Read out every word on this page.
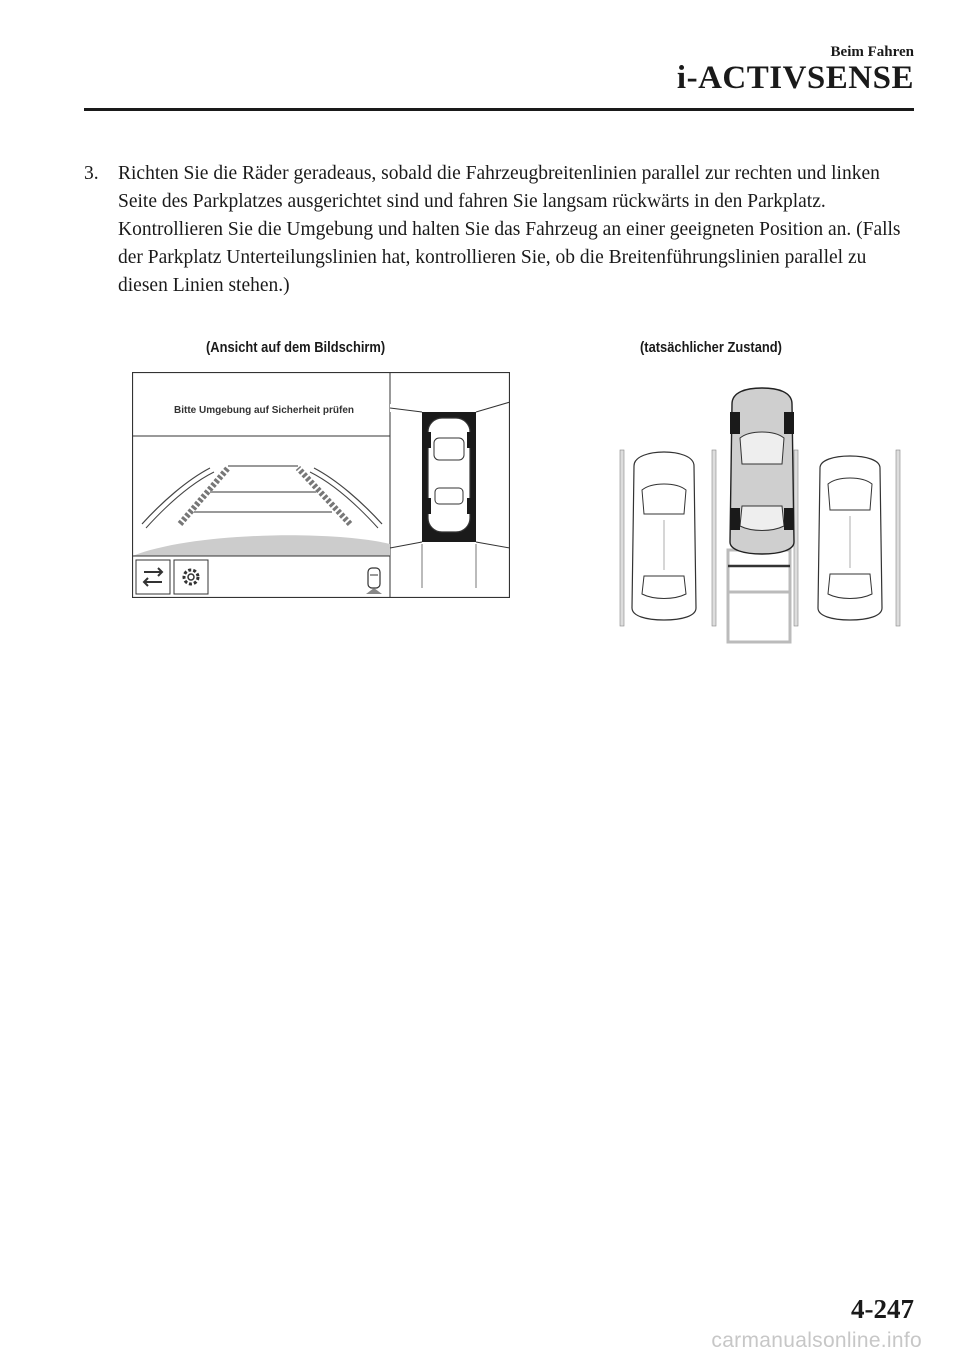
Beim Fahren
i-ACTIVSENSE
3. Richten Sie die Räder geradeaus, sobald die Fahrzeugbreitenlinien parallel zur rechten und linken Seite des Parkplatzes ausgerichtet sind und fahren Sie langsam rückwärts in den Parkplatz. Kontrollieren Sie die Umgebung und halten Sie das Fahrzeug an einer geeigneten Position an. (Falls der Parkplatz Unterteilungslinien hat, kontrollieren Sie, ob die Breitenführungslinien parallel zu diesen Linien stehen.)
(Ansicht auf dem Bildschirm)	(tatsächlicher Zustand)
Bitte Umgebung auf Sicherheit prüfen
4-247
carmanualsonline.info
